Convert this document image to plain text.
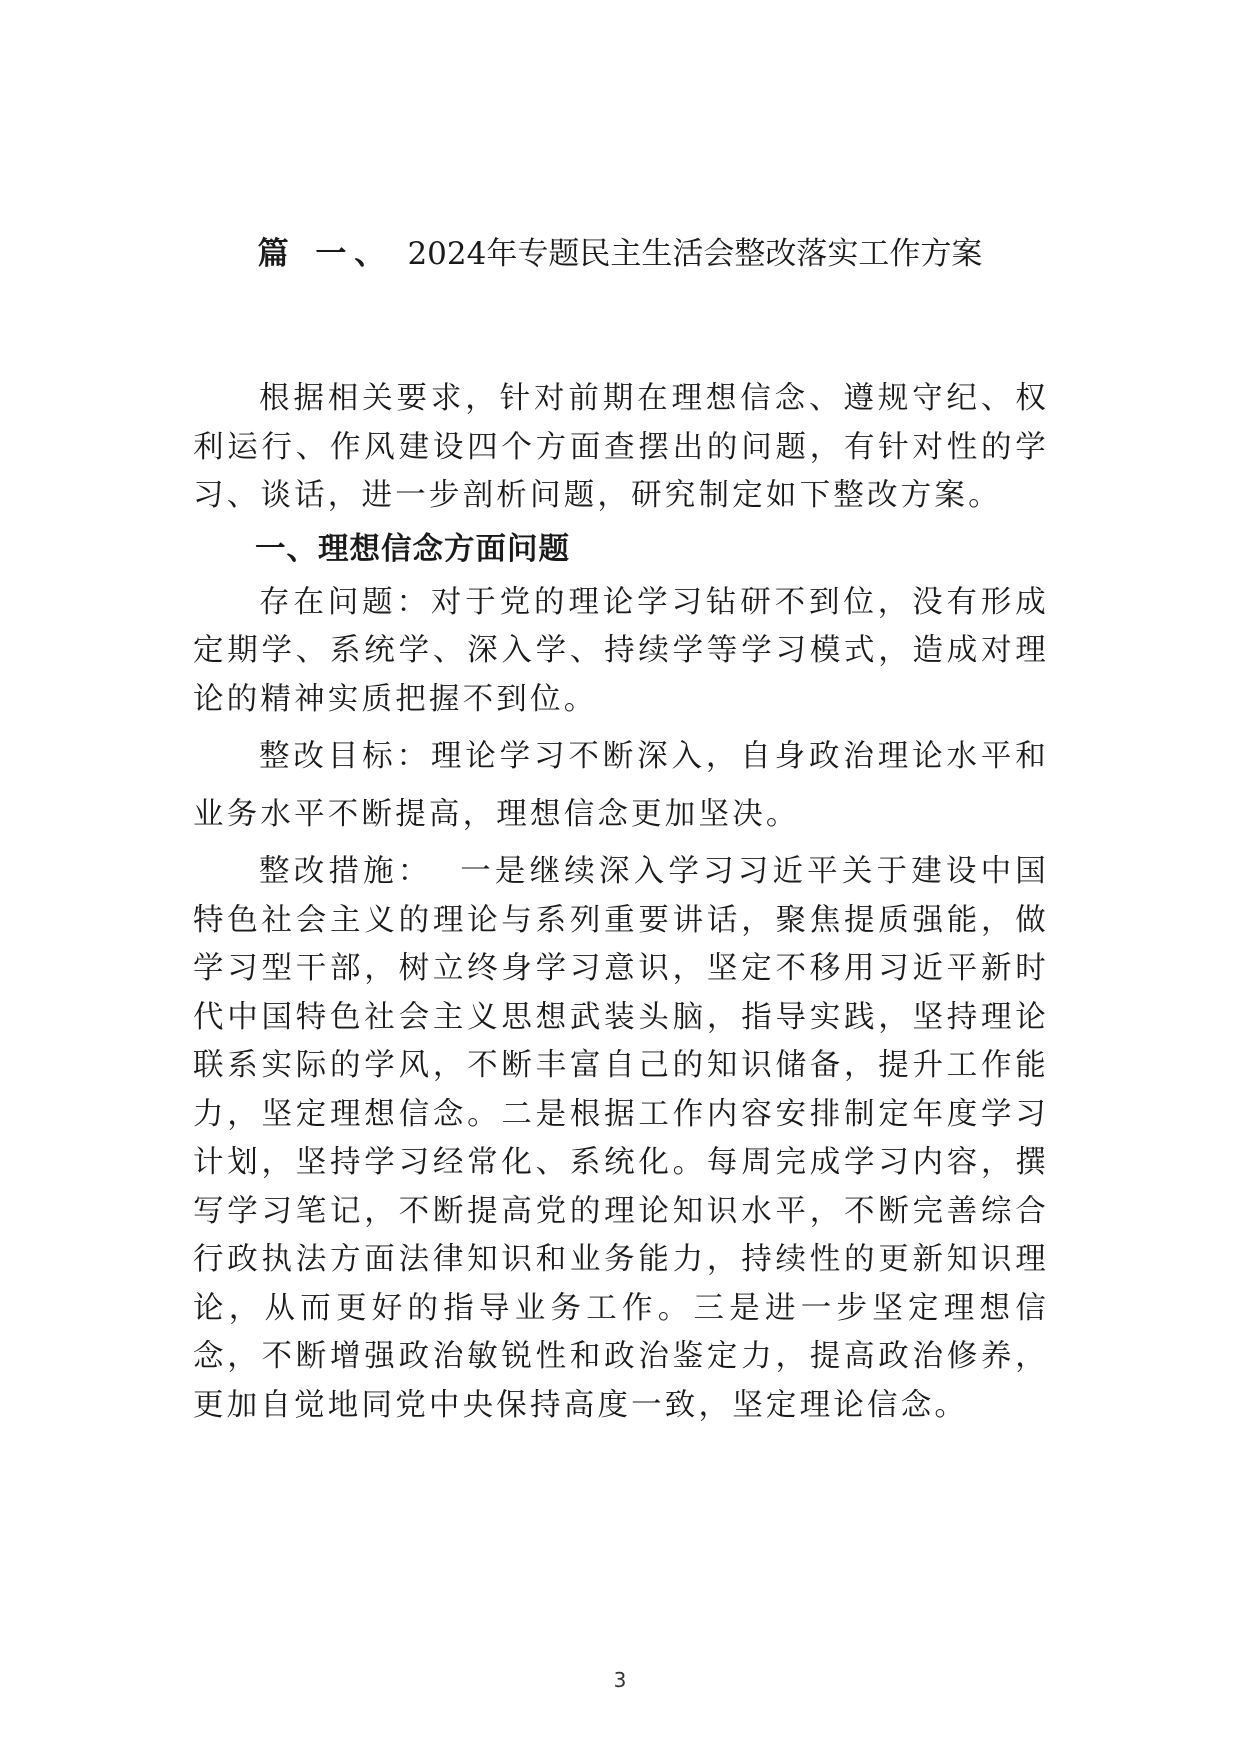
篇 一、 2024年专题民主生活会整改落实工作方案

根据相关要求，针对前期在理想信念、遵规守纪、权利运行、作风建设四个方面查摆出的问题，有针对性的学习、谈话，进一步剖析问题，研究制定如下整改方案。

一、理想信念方面问题

存在问题：对于党的理论学习钻研不到位，没有形成定期学、系统学、深入学、持续学等学习模式，造成对理论的精神实质把握不到位。

整改目标：理论学习不断深入，自身政治理论水平和业务水平不断提高，理想信念更加坚决。

整改措施：  一是继续深入学习习近平关于建设中国特色社会主义的理论与系列重要讲话，聚焦提质强能，做学习型干部，树立终身学习意识，坚定不移用习近平新时代中国特色社会主义思想武装头脑，指导实践，坚持理论联系实际的学风，不断丰富自己的知识储备，提升工作能力，坚定理想信念。二是根据工作内容安排制定年度学习计划，坚持学习经常化、系统化。每周完成学习内容，撰写学习笔记，不断提高党的理论知识水平，不断完善综合行政执法方面法律知识和业务能力，持续性的更新知识理论，从而更好的指导业务工作。三是进一步坚定理想信念，不断增强政治敏锐性和政治鉴定力，提高政治修养，更加自觉地同党中央保持高度一致，坚定理论信念。

3
